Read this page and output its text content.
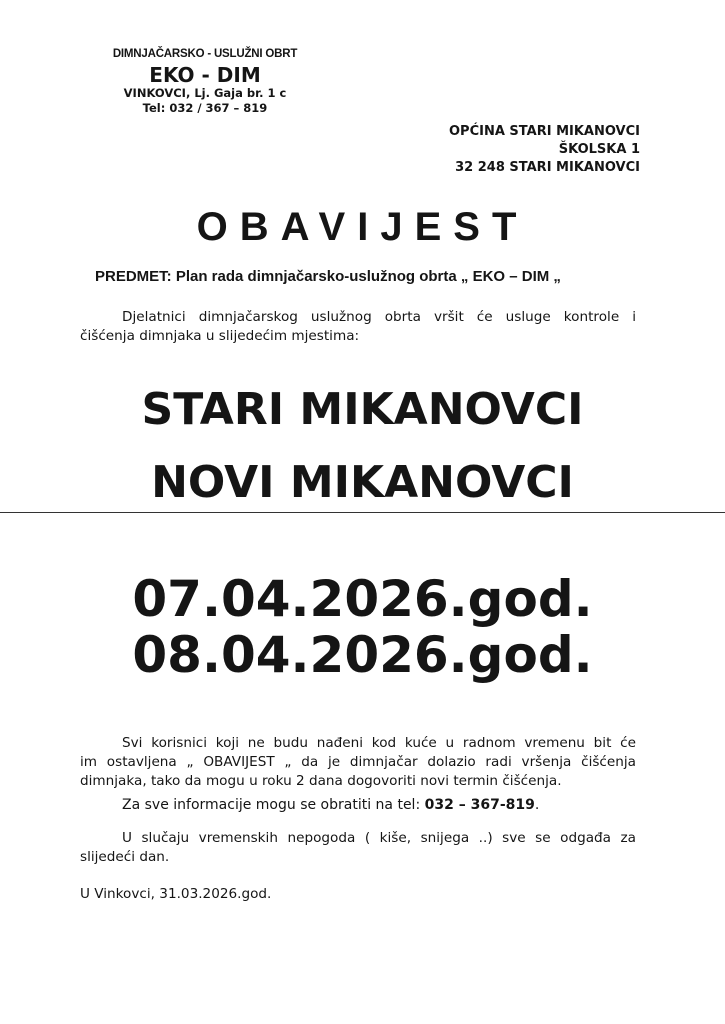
DIMNJAČARSKO - USLUŽNI OBRT
EKO - DIM
VINKOVCI, Lj. Gaja br. 1 c
Tel: 032 / 367 – 819
OPĆINA STARI MIKANOVCI
ŠKOLSKA 1
32 248 STARI MIKANOVCI
OBAVIJEST
PREDMET: Plan rada dimnjačarsko-uslužnog obrta „ EKO – DIM „
Djelatnici dimnjačarskog uslužnog obrta vršit će usluge kontrole i
čišćenja dimnjaka u slijedećim mjestima:
STARI MIKANOVCI
NOVI MIKANOVCI
07.04.2026.god.
08.04.2026.god.
Svi korisnici koji ne budu nađeni kod kuće u radnom vremenu bit će
im ostavljena „ OBAVIJEST „ da je dimnjačar dolazio radi vršenja čišćenja
dimnjaka, tako da mogu u roku 2 dana dogovoriti novi termin čišćenja.
Za sve informacije mogu se obratiti na tel: 032 – 367-819.
U slučaju vremenskih nepogoda ( kiše, snijega ..) sve se odgađa za
slijedeći dan.
U Vinkovci, 31.03.2026.god.
